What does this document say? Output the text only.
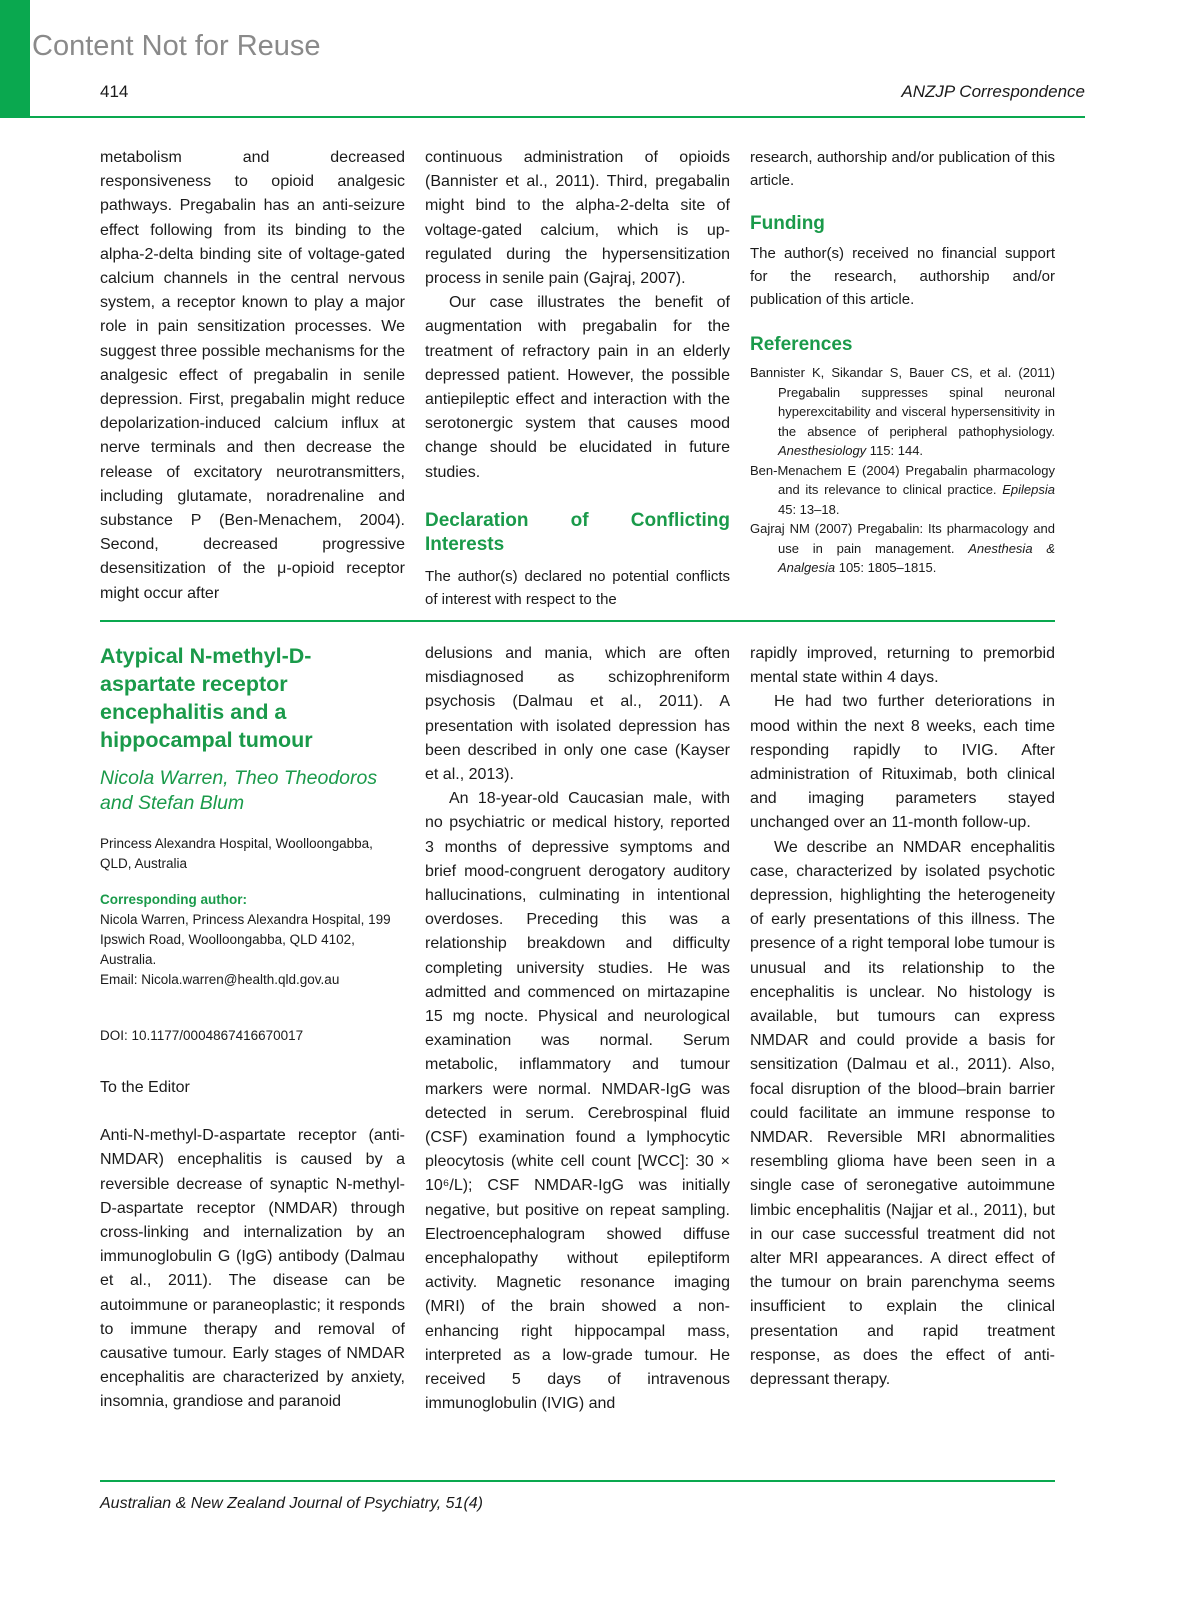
Content Not for Reuse
414	ANZJP Correspondence

metabolism and decreased responsiveness to opioid analgesic pathways. Pregabalin has an anti-seizure effect following from its binding to the alpha-2-delta binding site of voltage-gated calcium channels in the central nervous system, a receptor known to play a major role in pain sensitization processes. We suggest three possible mechanisms for the analgesic effect of pregabalin in senile depression. First, pregabalin might reduce depolarization-induced calcium influx at nerve terminals and then decrease the release of excitatory neurotransmitters, including glutamate, noradrenaline and substance P (Ben-Menachem, 2004). Second, decreased progressive desensitization of the μ-opioid receptor might occur after

continuous administration of opioids (Bannister et al., 2011). Third, pregabalin might bind to the alpha-2-delta site of voltage-gated calcium, which is up-regulated during the hypersensitization process in senile pain (Gajraj, 2007).

Our case illustrates the benefit of augmentation with pregabalin for the treatment of refractory pain in an elderly depressed patient. However, the possible antiepileptic effect and interaction with the serotonergic system that causes mood change should be elucidated in future studies.

Declaration of Conflicting Interests

The author(s) declared no potential conflicts of interest with respect to the

research, authorship and/or publication of this article.

Funding

The author(s) received no financial support for the research, authorship and/or publication of this article.

References

Bannister K, Sikandar S, Bauer CS, et al. (2011) Pregabalin suppresses spinal neuronal hyperexcitability and visceral hypersensitivity in the absence of peripheral pathophysiology. Anesthesiology 115: 144.

Ben-Menachem E (2004) Pregabalin pharmacology and its relevance to clinical practice. Epilepsia 45: 13–18.

Gajraj NM (2007) Pregabalin: Its pharmacology and use in pain management. Anesthesia & Analgesia 105: 1805–1815.

Atypical N-methyl-D-aspartate receptor encephalitis and a hippocampal tumour

Nicola Warren, Theo Theodoros and Stefan Blum

Princess Alexandra Hospital, Woolloongabba, QLD, Australia

Corresponding author:

Nicola Warren, Princess Alexandra Hospital, 199 Ipswich Road, Woolloongabba, QLD 4102, Australia.

Email: Nicola.warren@health.qld.gov.au

DOI: 10.1177/0004867416670017

To the Editor

Anti-N-methyl-D-aspartate receptor (anti-NMDAR) encephalitis is caused by a reversible decrease of synaptic N-methyl-D-aspartate receptor (NMDAR) through cross-linking and internalization by an immunoglobulin G (IgG) antibody (Dalmau et al., 2011). The disease can be autoimmune or paraneoplastic; it responds to immune therapy and removal of causative tumour. Early stages of NMDAR encephalitis are characterized by anxiety, insomnia, grandiose and paranoid

delusions and mania, which are often misdiagnosed as schizophreniform psychosis (Dalmau et al., 2011). A presentation with isolated depression has been described in only one case (Kayser et al., 2013).

An 18-year-old Caucasian male, with no psychiatric or medical history, reported 3 months of depressive symptoms and brief mood-congruent derogatory auditory hallucinations, culminating in intentional overdoses. Preceding this was a relationship breakdown and difficulty completing university studies. He was admitted and commenced on mirtazapine 15 mg nocte. Physical and neurological examination was normal. Serum metabolic, inflammatory and tumour markers were normal. NMDAR-IgG was detected in serum. Cerebrospinal fluid (CSF) examination found a lymphocytic pleocytosis (white cell count [WCC]: 30 × 10⁶/L); CSF NMDAR-IgG was initially negative, but positive on repeat sampling. Electroencephalogram showed diffuse encephalopathy without epileptiform activity. Magnetic resonance imaging (MRI) of the brain showed a non-enhancing right hippocampal mass, interpreted as a low-grade tumour. He received 5 days of intravenous immunoglobulin (IVIG) and

rapidly improved, returning to premorbid mental state within 4 days.

He had two further deteriorations in mood within the next 8 weeks, each time responding rapidly to IVIG. After administration of Rituximab, both clinical and imaging parameters stayed unchanged over an 11-month follow-up.

We describe an NMDAR encephalitis case, characterized by isolated psychotic depression, highlighting the heterogeneity of early presentations of this illness. The presence of a right temporal lobe tumour is unusual and its relationship to the encephalitis is unclear. No histology is available, but tumours can express NMDAR and could provide a basis for sensitization (Dalmau et al., 2011). Also, focal disruption of the blood–brain barrier could facilitate an immune response to NMDAR. Reversible MRI abnormalities resembling glioma have been seen in a single case of seronegative autoimmune limbic encephalitis (Najjar et al., 2011), but in our case successful treatment did not alter MRI appearances. A direct effect of the tumour on brain parenchyma seems insufficient to explain the clinical presentation and rapid treatment response, as does the effect of anti-depressant therapy.

Australian & New Zealand Journal of Psychiatry, 51(4)
